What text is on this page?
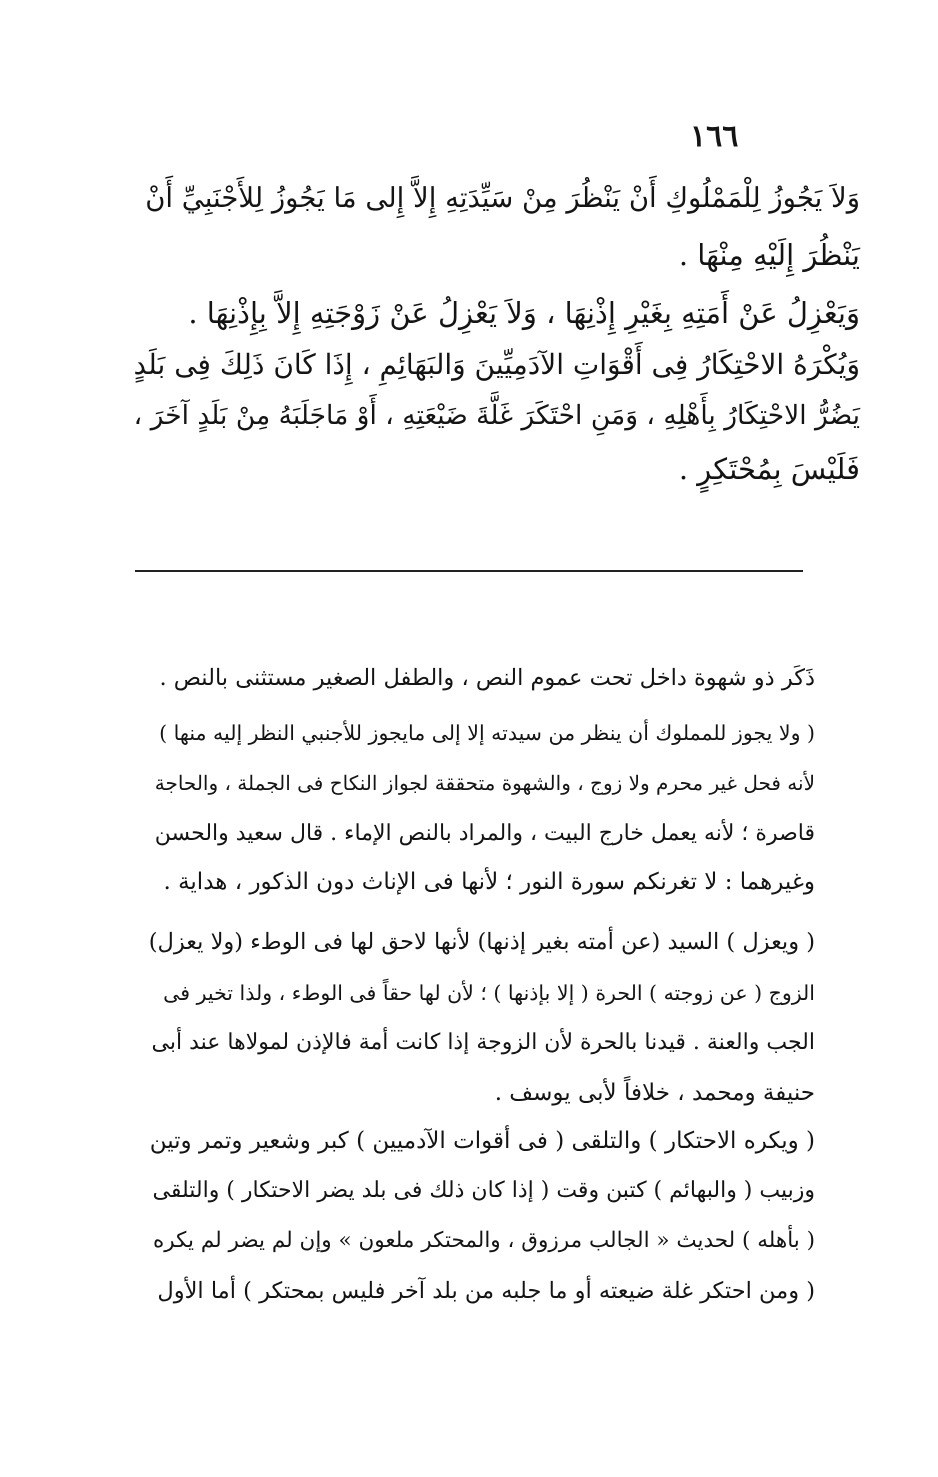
١٦٦
وَلاَ يَجُوزُ لِلْمَمْلُوكِ أَنْ يَنْظُرَ مِنْ سَيِّدَتِهِ إِلاَّ إِلى مَا يَجُوزُ لِلأَجْنَبِيِّ أَنْ
يَنْظُرَ إِلَيْهِ مِنْهَا .
وَيَعْزِلُ عَنْ أَمَتِهِ بِغَيْرِ إِذْنِهَا ، وَلاَ يَعْزِلُ عَنْ زَوْجَتِهِ إِلاَّ بِإِذْنِهَا .
وَيُكْرَهُ الاحْتِكَارُ فِى أَقْوَاتِ الآدَمِيِّينَ وَالبَهَائِمِ ، إِذَا كَانَ ذَلِكَ فِى بَلَدٍ
يَضُرُّ الاحْتِكَارُ بِأَهْلِهِ ، وَمَنِ احْتَكَرَ غَلَّةَ ضَيْعَتِهِ ، أَوْ مَاجَلَبَهُ مِنْ بَلَدٍ آخَرَ ،
فَلَيْسَ بِمُحْتَكِرٍ .
ذَكَر ذو شهوة داخل تحت عموم النص ، والطفل الصغير مستثنى بالنص .
( ولا يجوز للمملوك أن ينظر من سيدته إلا إلى مايجوز للأجنبي النظر إليه منها )
لأنه فحل غير محرم ولا زوج ، والشهوة متحققة لجواز النكاح فى الجملة ، والحاجة
قاصرة ؛ لأنه يعمل خارج البيت ، والمراد بالنص الإماء . قال سعيد والحسن
وغيرهما : لا تغرنكم سورة النور ؛ لأنها فى الإناث دون الذكور ، هداية .
( ويعزل ) السيد (عن أمته بغير إذنها) لأنها لاحق لها فى الوطء (ولا يعزل)
الزوج ( عن زوجته ) الحرة ( إلا بإذنها ) ؛ لأن لها حقاً فى الوطء ، ولذا تخير فى
الجب والعنة . قيدنا بالحرة لأن الزوجة إذا كانت أمة فالإذن لمولاها عند أبى
حنيفة ومحمد ، خلافاً لأبى يوسف .
( ويكره الاحتكار ) والتلقى ( فى أقوات الآدميين ) كبر وشعير وتمر وتين
وزبيب ( والبهائم ) كتبن وقت ( إذا كان ذلك فى بلد يضر الاحتكار ) والتلقى
( بأهله ) لحديث « الجالب مرزوق ، والمحتكر ملعون » وإن لم يضر لم يكره
( ومن احتكر غلة ضيعته أو ما جلبه من بلد آخر فليس بمحتكر ) أما الأول
